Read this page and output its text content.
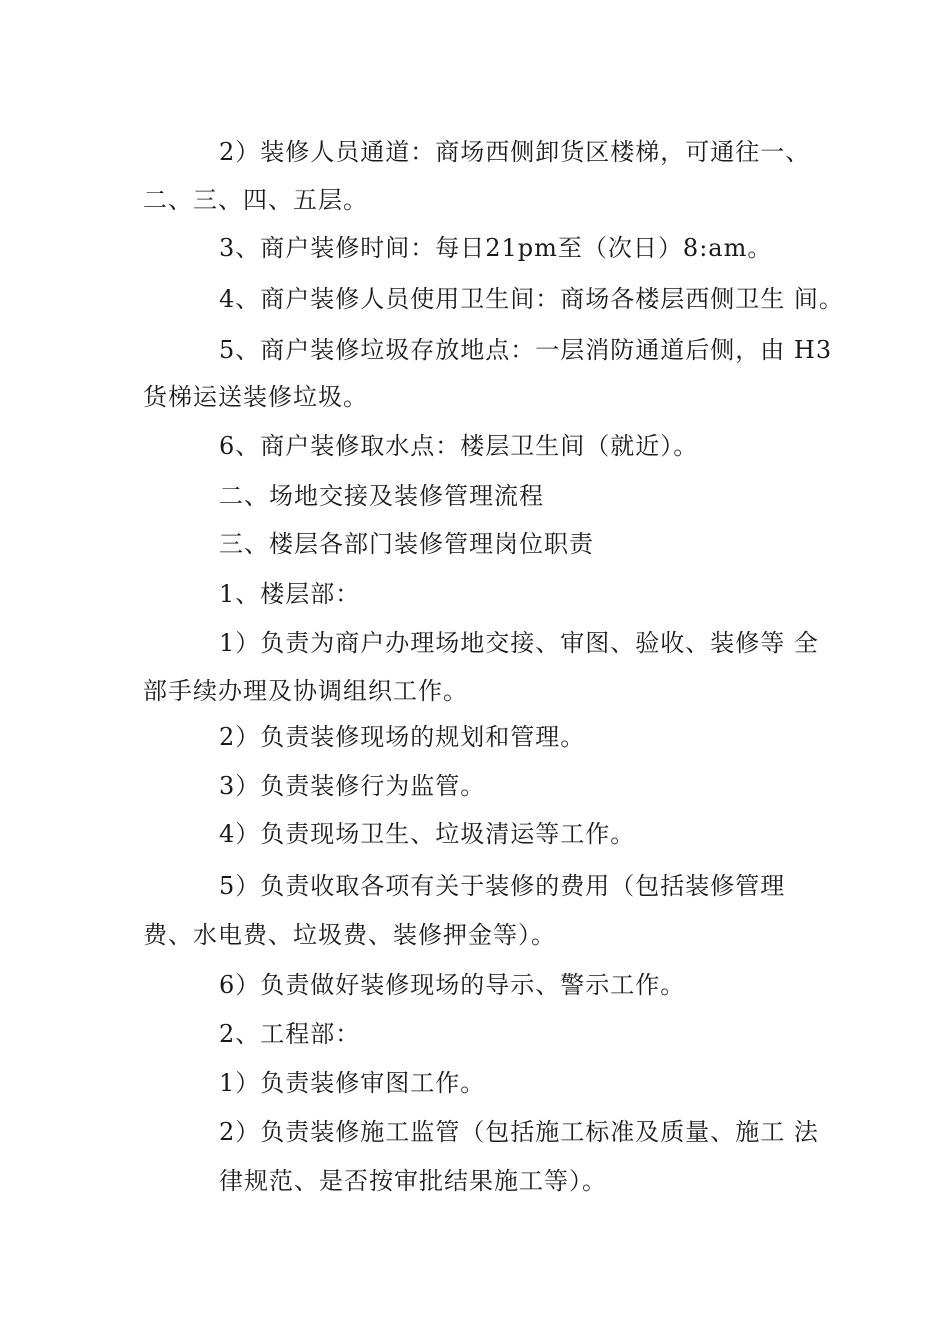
2）装修人员通道：商场西侧卸货区楼梯，可通往一、
二、三、四、五层。
3、商户装修时间：每日21pm至（次日）8:am。
4、商户装修人员使用卫生间：商场各楼层西侧卫生 间。
5、商户装修垃圾存放地点：一层消防通道后侧，由 H3
货梯运送装修垃圾。
6、商户装修取水点：楼层卫生间（就近）。
二、场地交接及装修管理流程
三、楼层各部门装修管理岗位职责
1、楼层部：
1）负责为商户办理场地交接、审图、验收、装修等 全
部手续办理及协调组织工作。
2）负责装修现场的规划和管理。
3）负责装修行为监管。
4）负责现场卫生、垃圾清运等工作。
5）负责收取各项有关于装修的费用（包括装修管理
费、水电费、垃圾费、装修押金等）。
6）负责做好装修现场的导示、警示工作。
2、工程部：
1）负责装修审图工作。
2）负责装修施工监管（包括施工标准及质量、施工 法
律规范、是否按审批结果施工等）。
